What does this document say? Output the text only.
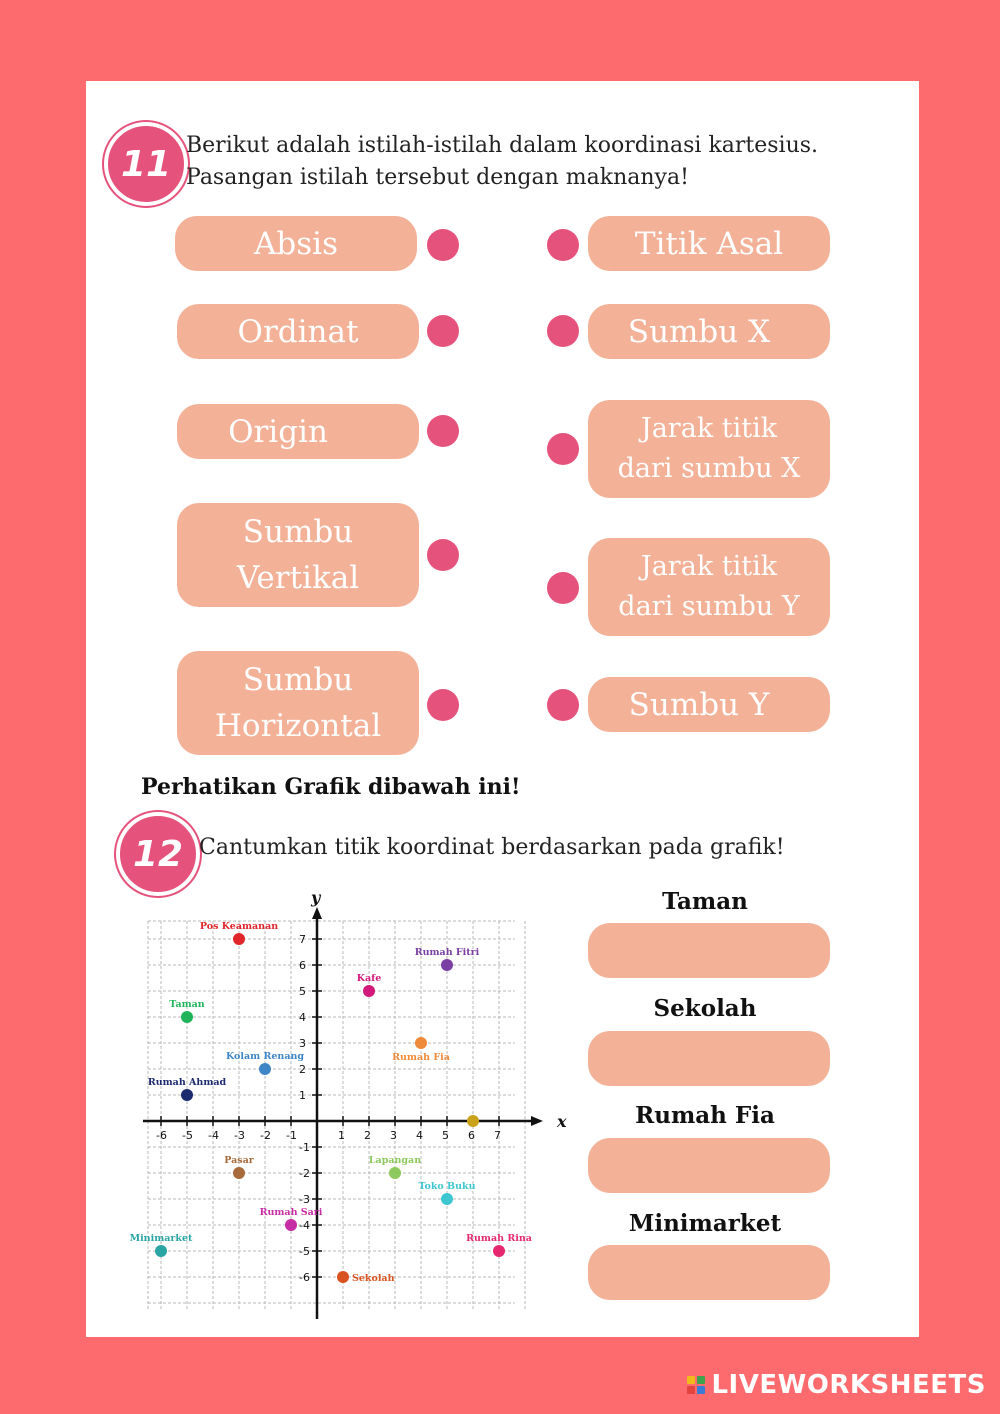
11 Berikut adalah istilah-istilah dalam koordinasi kartesius.
Pasangan istilah tersebut dengan maknanya!
Absis
Ordinat
Origin
Sumbu
Vertikal
Sumbu
Horizontal
Titik Asal
Sumbu X
Jarak titik
dari sumbu X
Jarak titik
dari sumbu Y
Sumbu Y
Perhatikan Grafik dibawah ini!
12 Cantumkan titik koordinat berdasarkan pada grafik!
x
y
-6 -5 -4 -3 -2 -1	1 2 3 4 5 6 7
-6
-5
-4
-3
-2
-1
1
2
3
4
5
6
7
Pos Keamanan
Rumah Fitri
Kafe
Taman
Rumah Fia
Kolam Renang
Rumah Ahmad
Pasar	Lapangan
Toko Buku
Rumah Sari
Minimarket	Rumah Rina
Sekolah
Taman
Sekolah
Rumah Fia
Minimarket
LIVEWORKSHEETS
